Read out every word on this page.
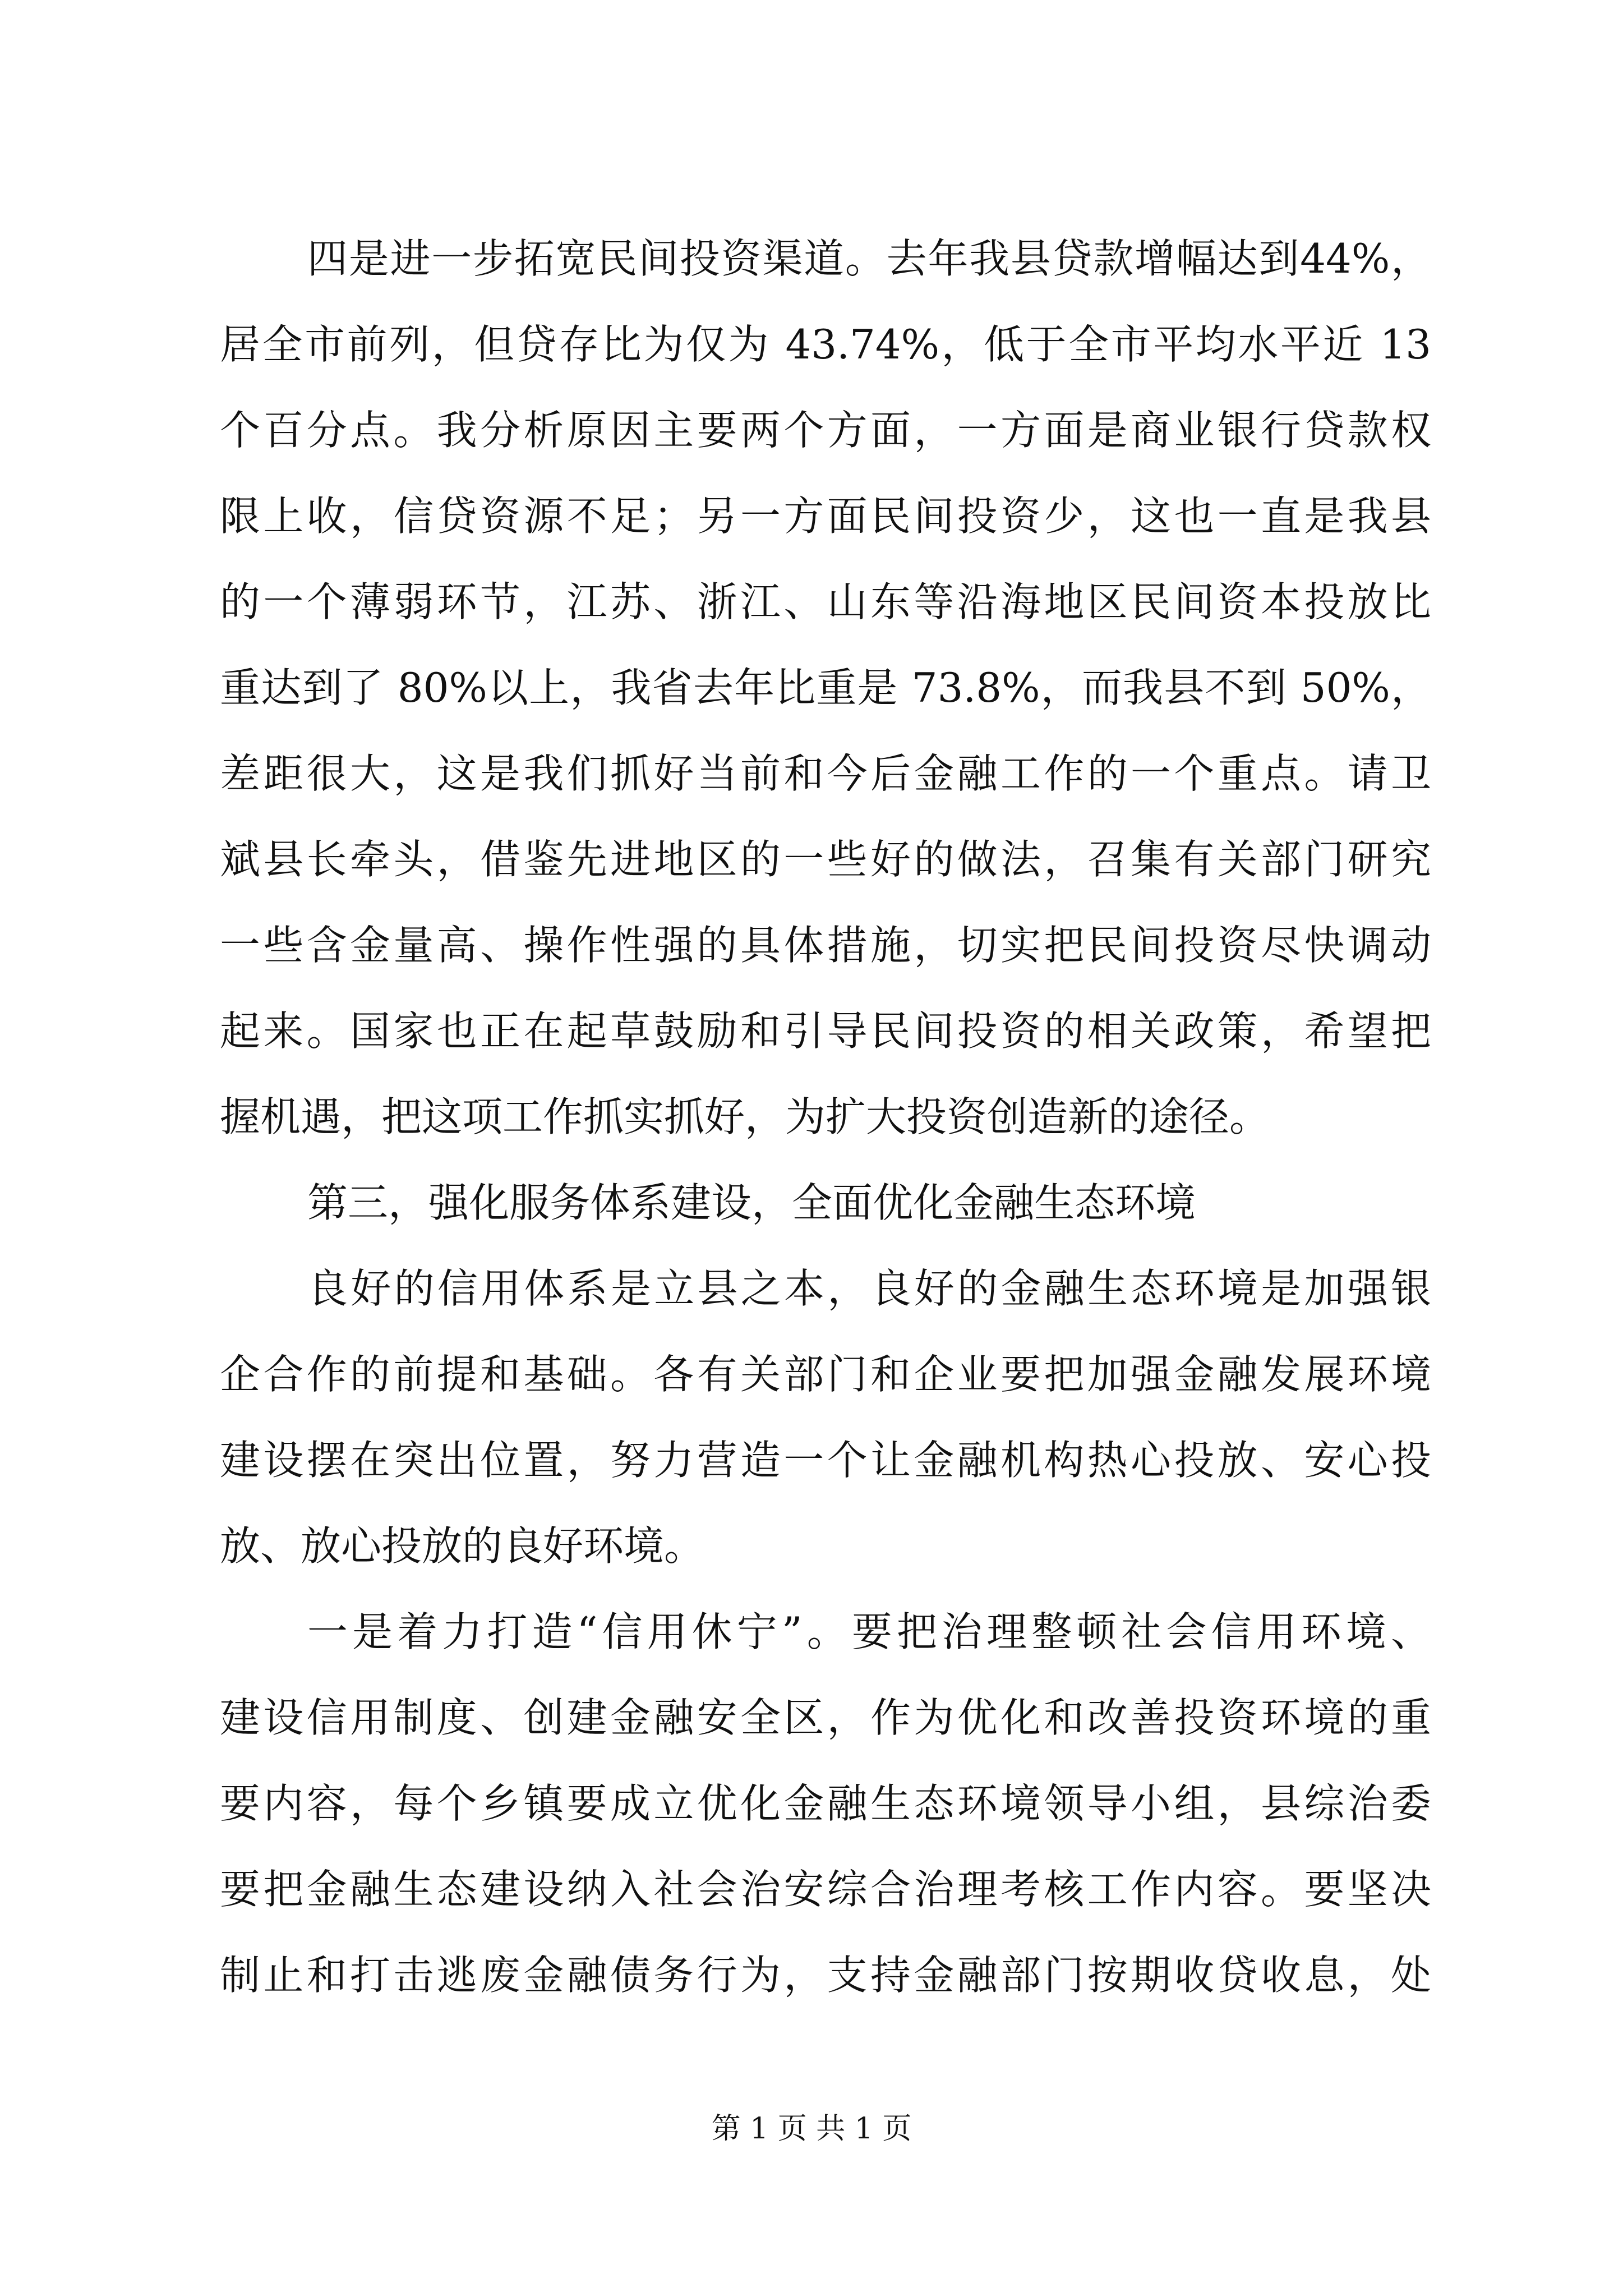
四是进一步拓宽民间投资渠道。去年我县贷款增幅达到44%，
居全市前列，但贷存比为仅为 43.74%，低于全市平均水平近 13
个百分点。我分析原因主要两个方面，一方面是商业银行贷款权
限上收，信贷资源不足；另一方面民间投资少，这也一直是我县
的一个薄弱环节，江苏、浙江、山东等沿海地区民间资本投放比
重达到了 80%以上，我省去年比重是 73.8%，而我县不到 50%，
差距很大，这是我们抓好当前和今后金融工作的一个重点。请卫
斌县长牵头，借鉴先进地区的一些好的做法，召集有关部门研究
一些含金量高、操作性强的具体措施，切实把民间投资尽快调动
起来。国家也正在起草鼓励和引导民间投资的相关政策，希望把
握机遇，把这项工作抓实抓好，为扩大投资创造新的途径。
第三，强化服务体系建设，全面优化金融生态环境
良好的信用体系是立县之本，良好的金融生态环境是加强银
企合作的前提和基础。各有关部门和企业要把加强金融发展环境
建设摆在突出位置，努力营造一个让金融机构热心投放、安心投
放、放心投放的良好环境。
一是着力打造“信用休宁”。要把治理整顿社会信用环境、
建设信用制度、创建金融安全区，作为优化和改善投资环境的重
要内容，每个乡镇要成立优化金融生态环境领导小组，县综治委
要把金融生态建设纳入社会治安综合治理考核工作内容。要坚决
制止和打击逃废金融债务行为，支持金融部门按期收贷收息，处
第 1 页 共 1 页
